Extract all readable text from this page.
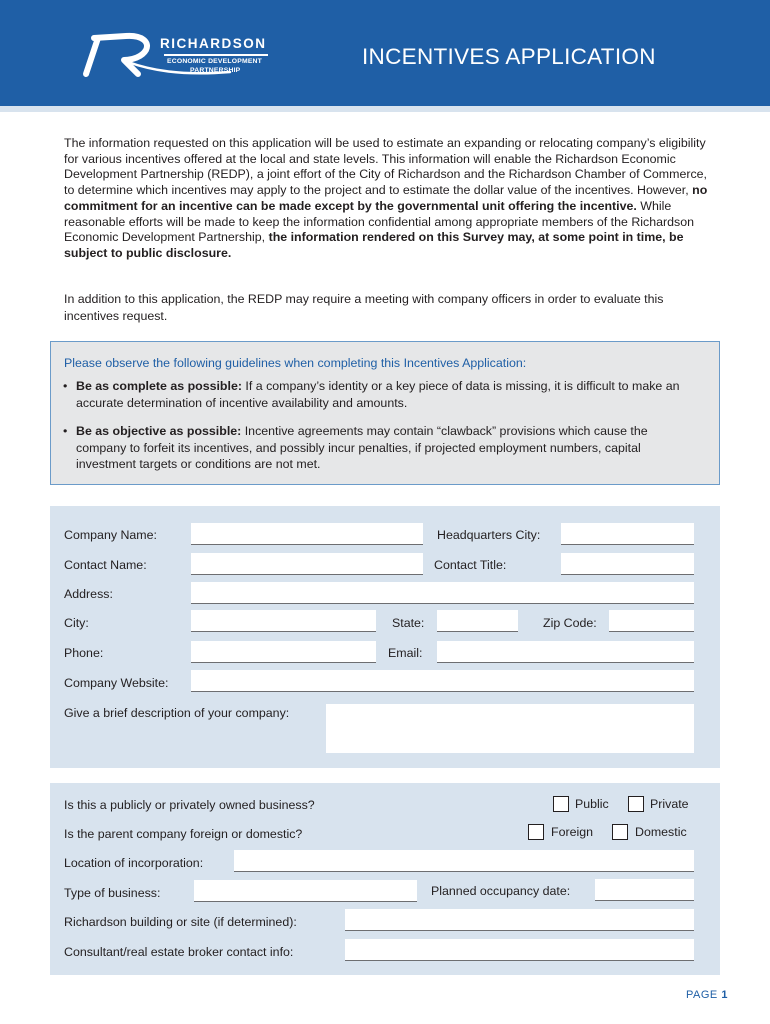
RICHARDSON
ECONOMIC DEVELOPMENT
PARTNERSHIP
INCENTIVES APPLICATION
The information requested on this application will be used to estimate an expanding or relocating company’s eligibility for various incentives offered at the local and state levels. This information will enable the Richardson Economic Development Partnership (REDP), a joint effort of the City of Richardson and the Richardson Chamber of Commerce, to determine which incentives may apply to the project and to estimate the dollar value of the incentives. However, no commitment for an incentive can be made except by the governmental unit offering the incentive. While reasonable efforts will be made to keep the information confidential among appropriate members of the Richardson Economic Development Partnership, the information rendered on this Survey may, at some point in time, be subject to public disclosure.
In addition to this application, the REDP may require a meeting with company officers in order to evaluate this incentives request.
Please observe the following guidelines when completing this Incentives Application:
• Be as complete as possible: If a company’s identity or a key piece of data is missing, it is difficult to make an accurate determination of incentive availability and amounts.
• Be as objective as possible: Incentive agreements may contain “clawback” provisions which cause the company to forfeit its incentives, and possibly incur penalties, if projected employment numbers, capital investment targets or conditions are not met.
Company Name:	Headquarters City:
Contact Name:	Contact Title:
Address:
City:	State:	Zip Code:
Phone:	Email:
Company Website:
Give a brief description of your company:
Is this a publicly or privately owned business?	Public	Private
Is the parent company foreign or domestic?	Foreign	Domestic
Location of incorporation:
Type of business:	Planned occupancy date:
Richardson building or site (if determined):
Consultant/real estate broker contact info:
PAGE 1
